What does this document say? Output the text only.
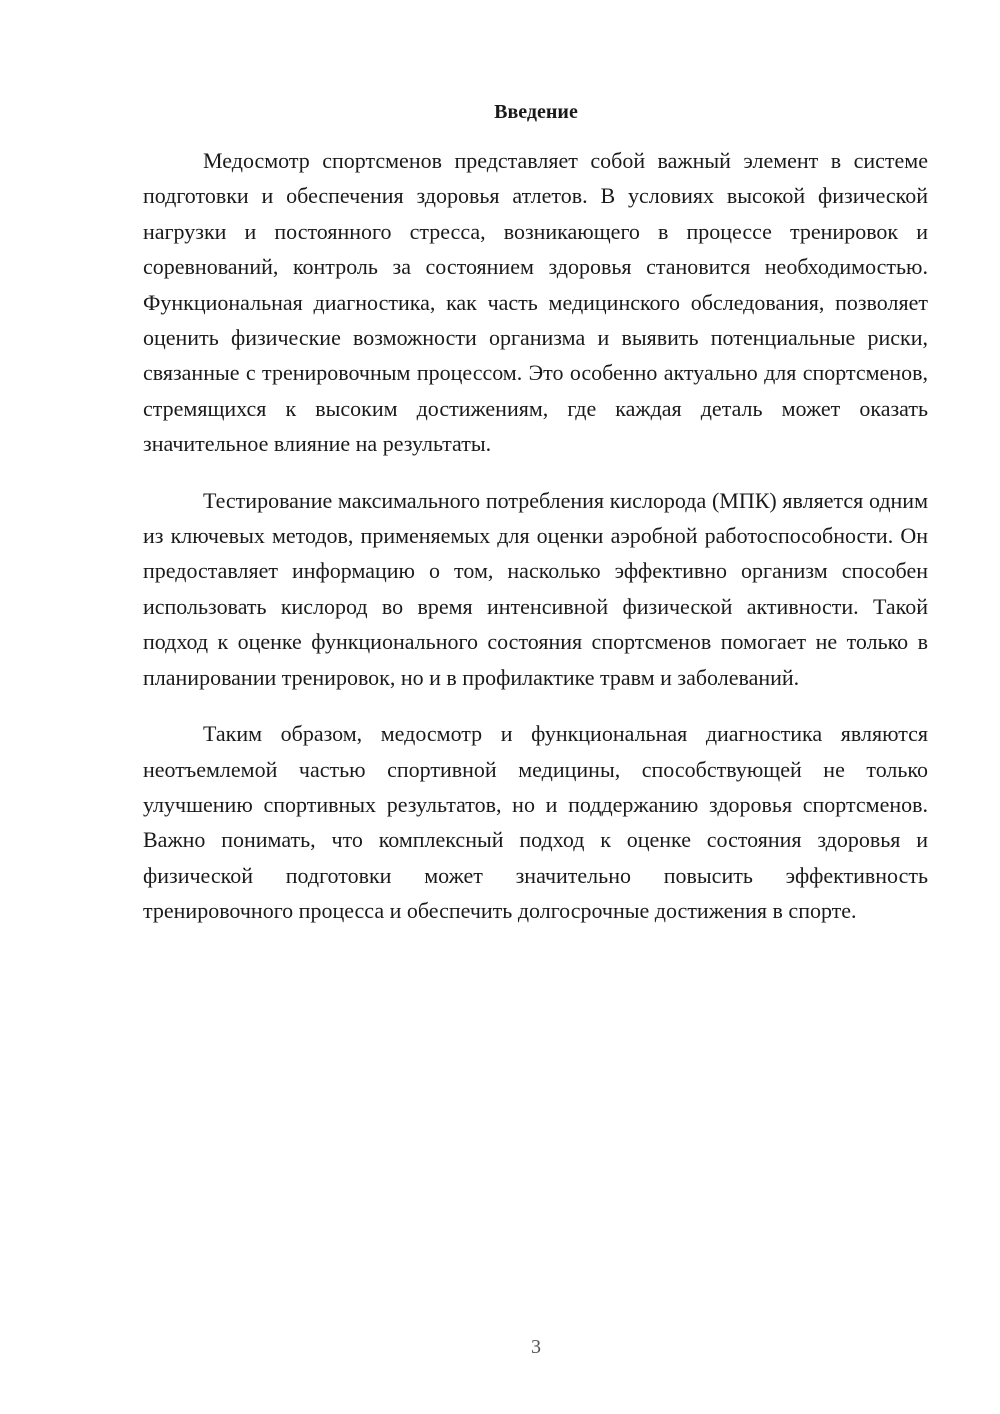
Введение

Медосмотр спортсменов представляет собой важный элемент в системе подготовки и обеспечения здоровья атлетов. В условиях высокой физической нагрузки и постоянного стресса, возникающего в процессе тренировок и соревнований, контроль за состоянием здоровья становится необходимостью. Функциональная диагностика, как часть медицинского обследования, позволяет оценить физические возможности организма и выявить потенциальные риски, связанные с тренировочным процессом. Это особенно актуально для спортсменов, стремящихся к высоким достижениям, где каждая деталь может оказать значительное влияние на результаты.

Тестирование максимального потребления кислорода (МПК) является одним из ключевых методов, применяемых для оценки аэробной работоспособности. Он предоставляет информацию о том, насколько эффективно организм способен использовать кислород во время интенсивной физической активности. Такой подход к оценке функционального состояния спортсменов помогает не только в планировании тренировок, но и в профилактике травм и заболеваний.

Таким образом, медосмотр и функциональная диагностика являются неотъемлемой частью спортивной медицины, способствующей не только улучшению спортивных результатов, но и поддержанию здоровья спортсменов. Важно понимать, что комплексный подход к оценке состояния здоровья и физической подготовки может значительно повысить эффективность тренировочного процесса и обеспечить долгосрочные достижения в спорте.

3
